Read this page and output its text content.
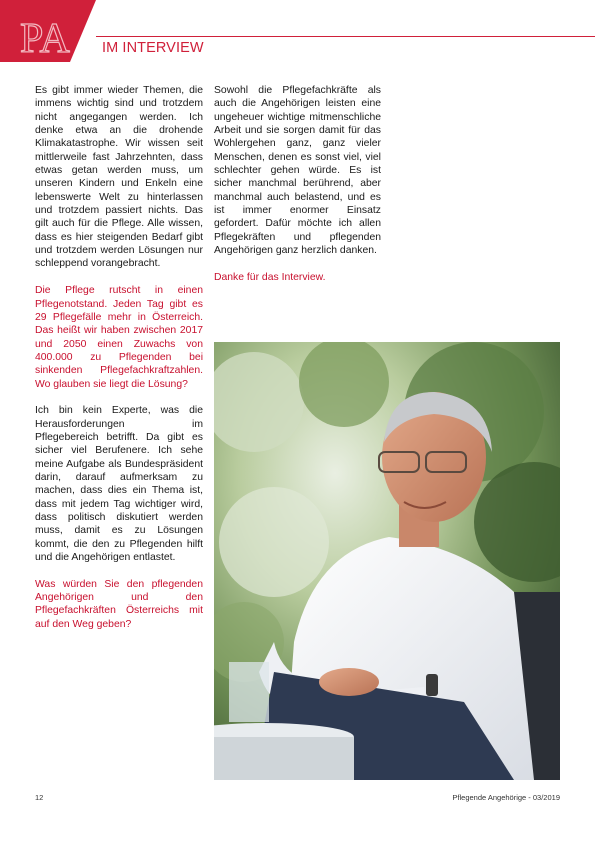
PA IM INTERVIEW

Es gibt immer wieder Themen, die immens wichtig sind und trotzdem nicht angegangen werden. Ich denke etwa an die drohende Klimakatastrophe. Wir wissen seit mittlerweile fast Jahrzehnten, dass etwas getan werden muss, um unseren Kindern und Enkeln eine lebenswerte Welt zu hinterlassen und trotzdem passiert nichts. Das gilt auch für die Pflege. Alle wissen, dass es hier steigenden Bedarf gibt und trotzdem werden Lösungen nur schleppend vorangebracht.

Die Pflege rutscht in einen Pflegenotstand. Jeden Tag gibt es 29 Pflegefälle mehr in Österreich. Das heißt wir haben zwischen 2017 und 2050 einen Zuwachs von 400.000 zu Pflegenden bei sinkenden Pflegefachkraftzahlen. Wo glauben sie liegt die Lösung?

Ich bin kein Experte, was die Herausforderungen im Pflegebereich betrifft. Da gibt es sicher viel Berufenere. Ich sehe meine Aufgabe als Bundespräsident darin, darauf aufmerksam zu machen, dass dies ein Thema ist, dass mit jedem Tag wichtiger wird, dass politisch diskutiert werden muss, damit es zu Lösungen kommt, die den zu Pflegenden hilft und die Angehörigen entlastet.

Was würden Sie den pflegenden Angehörigen und den Pflegefachkräften Österreichs mit auf den Weg geben?

Sowohl die Pflegefachkräfte als auch die Angehörigen leisten eine ungeheuer wichtige mitmenschliche Arbeit und sie sorgen damit für das Wohlergehen ganz, ganz vieler Menschen, denen es sonst viel, viel schlechter gehen würde. Es ist sicher manchmal berührend, aber manchmal auch belastend, und es ist immer enormer Einsatz gefordert. Dafür möchte ich allen Pflegekräften und pflegenden Angehörigen ganz herzlich danken.

Danke für das Interview.

12	Pflegende Angehörige - 03/2019
